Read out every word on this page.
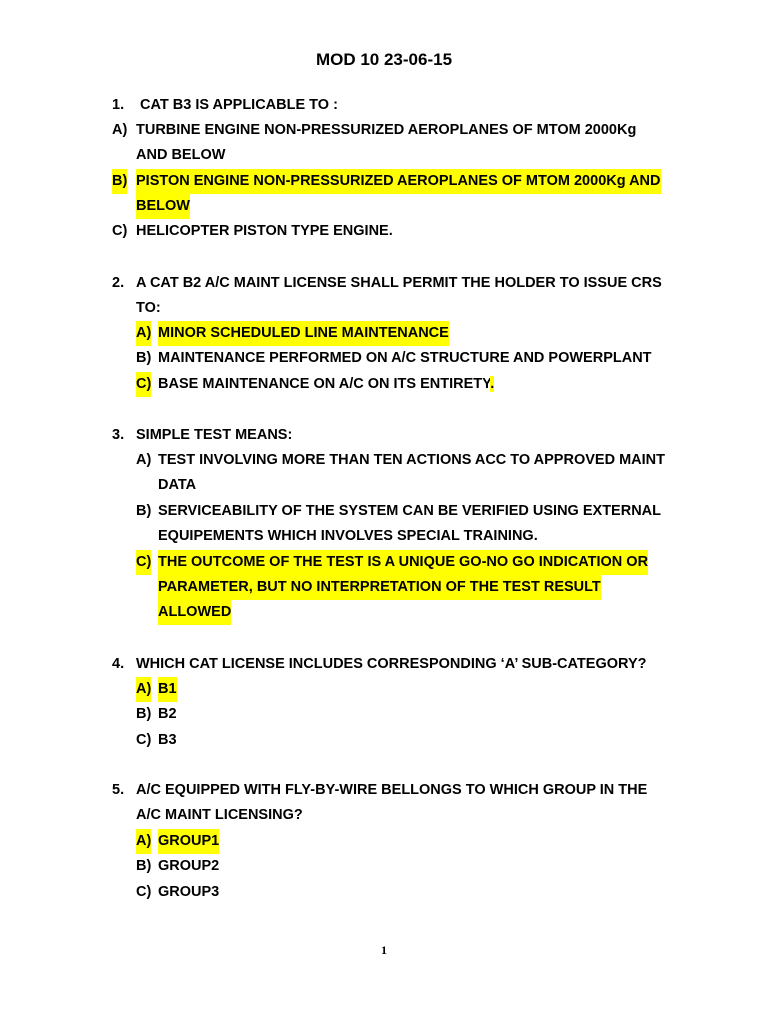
MOD 10 23-06-15
1. CAT B3 IS APPLICABLE TO :
A) TURBINE ENGINE NON-PRESSURIZED AEROPLANES OF MTOM 2000Kg
AND BELOW
B) PISTON ENGINE NON-PRESSURIZED AEROPLANES OF MTOM 2000Kg AND
BELOW
C) HELICOPTER PISTON TYPE ENGINE.
2. A CAT B2 A/C MAINT LICENSE SHALL PERMIT THE HOLDER TO ISSUE CRS
TO:
A) MINOR SCHEDULED LINE MAINTENANCE
B) MAINTENANCE PERFORMED ON A/C STRUCTURE AND POWERPLANT
C) BASE MAINTENANCE ON A/C ON ITS ENTIRETY.
3. SIMPLE TEST MEANS:
A) TEST INVOLVING MORE THAN TEN ACTIONS ACC TO APPROVED MAINT
DATA
B) SERVICEABILITY OF THE SYSTEM CAN BE VERIFIED USING EXTERNAL
EQUIPEMENTS WHICH INVOLVES SPECIAL TRAINING.
C) THE OUTCOME OF THE TEST IS A UNIQUE GO-NO GO INDICATION OR
PARAMETER, BUT NO INTERPRETATION OF THE TEST RESULT
ALLOWED
4. WHICH CAT LICENSE INCLUDES CORRESPONDING ‘A’ SUB-CATEGORY?
A) B1
B) B2
C) B3
5. A/C EQUIPPED WITH FLY-BY-WIRE BELLONGS TO WHICH GROUP IN THE
A/C MAINT LICENSING?
A) GROUP1
B) GROUP2
C) GROUP3
1
